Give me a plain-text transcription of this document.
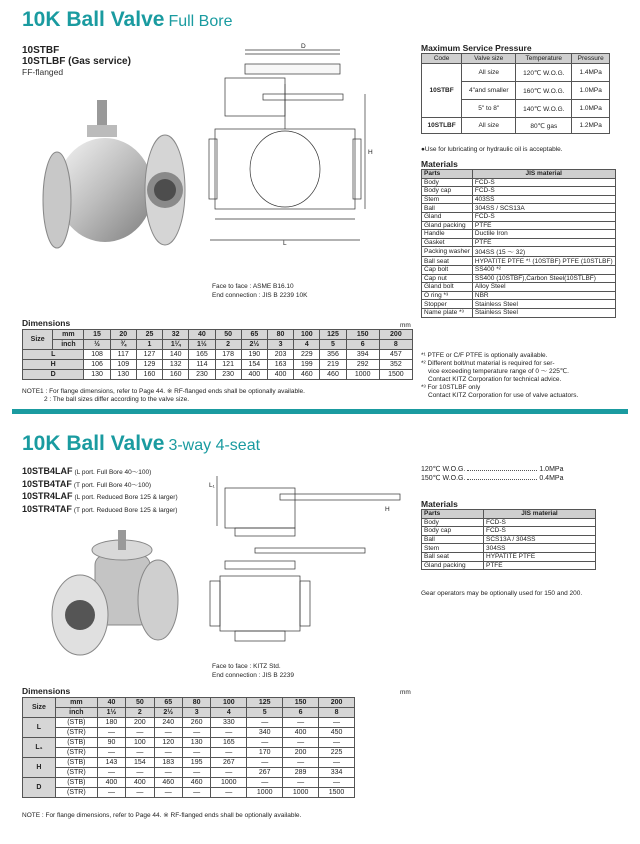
10K Ball Valve Full Bore
10STBF
10STLBF (Gas service)
FF-flanged
D
H
L
Face to face : ASME B16.10
End connection : JIS B 2239 10K
Maximum Service Pressure
Code	Valve size	Temperature	Pressure
10STBF	All size	120℃ W.O.G.	1.4MPa
	4"and smaller	160℃ W.O.G.	1.0MPa
	5" to 8"	140℃ W.O.G.	1.0MPa
10STLBF	All size	80℃ gas	1.2MPa
●Use for lubricating or hydraulic oil is acceptable.
Materials
Parts	JIS material
Body	FCD-S
Body cap	FCD-S
Stem	403SS
Ball	304SS / SCS13A
Gland	FCD-S
Gland packing	PTFE
Handle	Ductile Iron
Gasket	PTFE
Packing washer	304SS (15 ～ 32)
Ball seat	HYPATITE PTFE *¹ (10STBF) PTFE (10STLBF)
Cap bolt	SS400 *²
Cap nut	SS400 (10STBF),Carbon Steel(10STLBF)
Gland bolt	Alloy Steel
O ring *³	NBR
Stopper	Stainless Steel
Name plate *³	Stainless Steel
*¹ PTFE or C/F PTFE is optionally available.
*² Different bolt/nut material is required for ser-
vice exceeding temperature range of 0 ～ 225℃.
Contact KITZ Corporation for technical advice.
*³ For 10STLBF only
Contact KITZ Corporation for use of valve actuators.
Dimensions	mm
Size	mm	15	20	25	32	40	50	65	80	100	125	150	200
	inch	½	¾	1	1¼	1½	2	2½	3	4	5	6	8
L		108	117	127	140	165	178	190	203	229	356	394	457
H		106	109	129	132	114	121	154	163	199	219	292	352
D		130	130	160	160	230	230	400	400	460	460	1000	1500
NOTE1 : For flange dimensions, refer to Page 44. ※ RF-flanged ends shall be optionally available.
2 : The ball sizes differ according to the valve size.
10K Ball Valve 3-way 4-seat
10STB4LAF (L port. Full Bore 40～100)
10STB4TAF (T port. Full Bore 40～100)
10STR4LAF (L port. Reduced Bore 125 & larger)
10STR4TAF (T port. Reduced Bore 125 & larger)
L₁
H
Face to face : KITZ Std.
End connection : JIS B 2239
120℃ W.O.G.	1.0MPa
150℃ W.O.G.	0.4MPa
Materials
Parts	JIS material
Body	FCD-S
Body cap	FCD-S
Ball	SCS13A / 304SS
Stem	304SS
Ball seat	HYPATITE PTFE
Gland packing	PTFE
Gear operators may be optionally used for 150 and 200.
Dimensions	mm
Size	mm	40	50	65	80	100	125	150	200
	inch	1½	2	2½	3	4	5	6	8
L	(STB)	180	200	240	260	330	—	—	—
	(STR)	—	—	—	—	—	340	400	450
L₁	(STB)	90	100	120	130	165	—	—	—
	(STR)	—	—	—	—	—	170	200	225
H	(STB)	143	154	183	195	267	—	—	—
	(STR)	—	—	—	—	—	267	289	334
D	(STB)	400	400	460	460	1000	—	—	—
	(STR)	—	—	—	—	—	1000	1000	1500
NOTE : For flange dimensions, refer to Page 44. ※ RF-flanged ends shall be optionally available.
